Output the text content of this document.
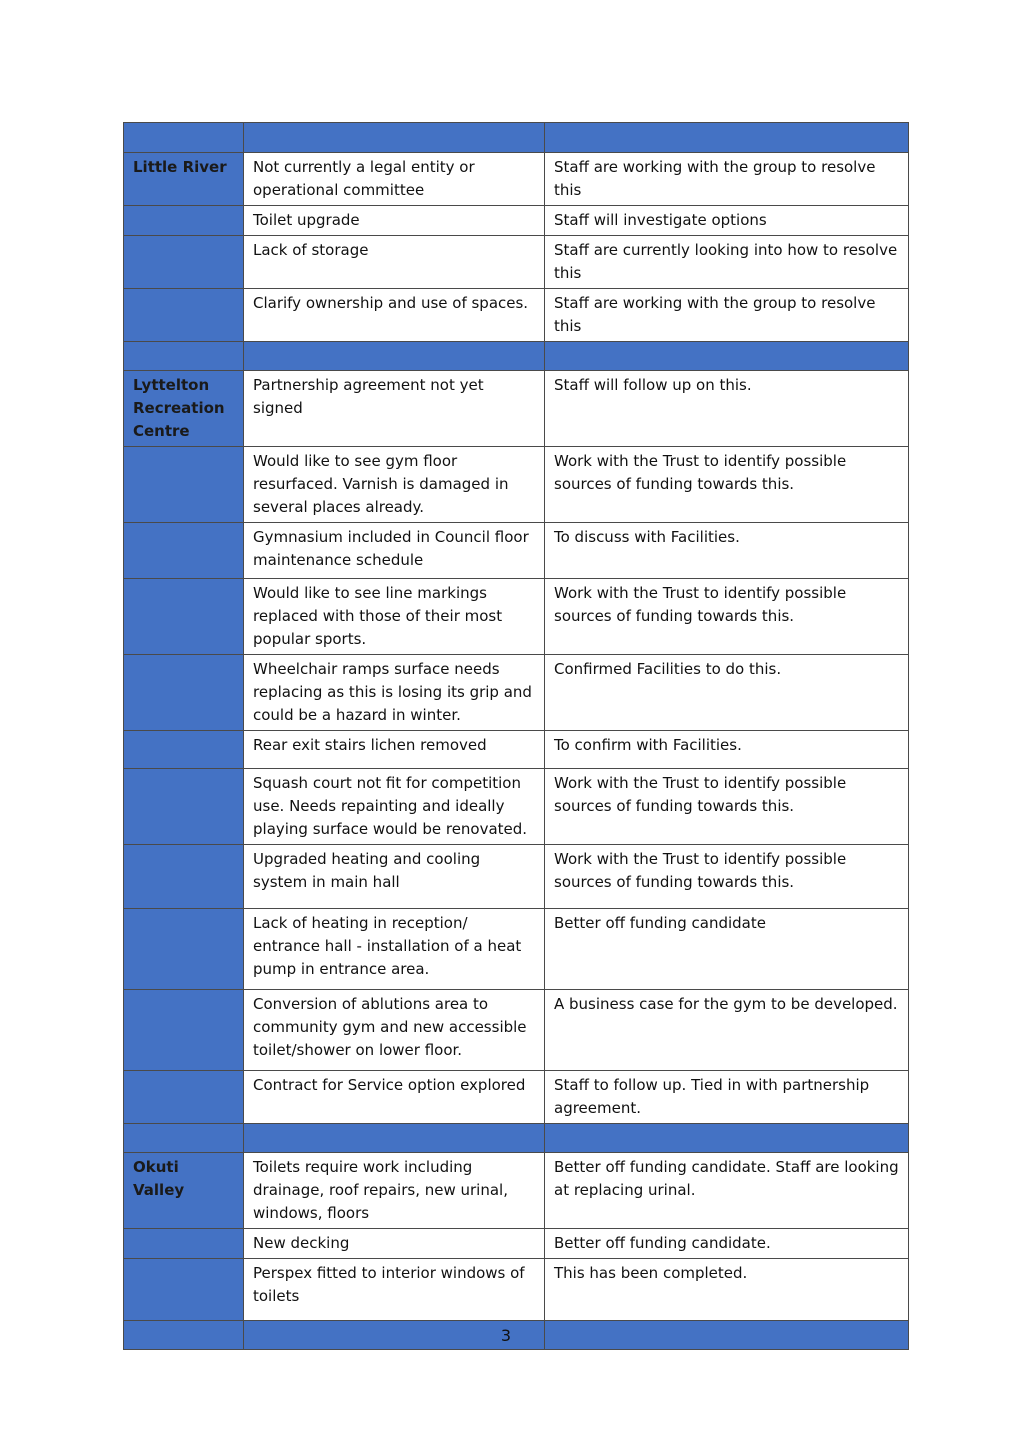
Little River	Not currently a legal entity or operational committee	Staff are working with the group to resolve this
	Toilet upgrade	Staff will investigate options
	Lack of storage	Staff are currently looking into how to resolve this
	Clarify ownership and use of spaces.	Staff are working with the group to resolve this

Lyttelton Recreation Centre	Partnership agreement not yet signed	Staff will follow up on this.
	Would like to see gym floor resurfaced. Varnish is damaged in several places already.	Work with the Trust to identify possible sources of funding towards this.
	Gymnasium included in Council floor maintenance schedule	To discuss with Facilities.
	Would like to see line markings replaced with those of their most popular sports.	Work with the Trust to identify possible sources of funding towards this.
	Wheelchair ramps surface needs replacing as this is losing its grip and could be a hazard in winter.	Confirmed Facilities to do this.
	Rear exit stairs lichen removed	To confirm with Facilities.
	Squash court not fit for competition use. Needs repainting and ideally playing surface would be renovated.	Work with the Trust to identify possible sources of funding towards this.
	Upgraded heating and cooling system in main hall	Work with the Trust to identify possible sources of funding towards this.
	Lack of heating in reception/ entrance hall - installation of a heat pump in entrance area.	Better off funding candidate
	Conversion of ablutions area to community gym and new accessible toilet/shower on lower floor.	A business case for the gym to be developed.
	Contract for Service option explored	Staff to follow up. Tied in with partnership agreement.

Okuti Valley	Toilets require work including drainage, roof repairs, new urinal, windows, floors	Better off funding candidate. Staff are looking at replacing urinal.
	New decking	Better off funding candidate.
	Perspex fitted to interior windows of toilets	This has been completed.

3
